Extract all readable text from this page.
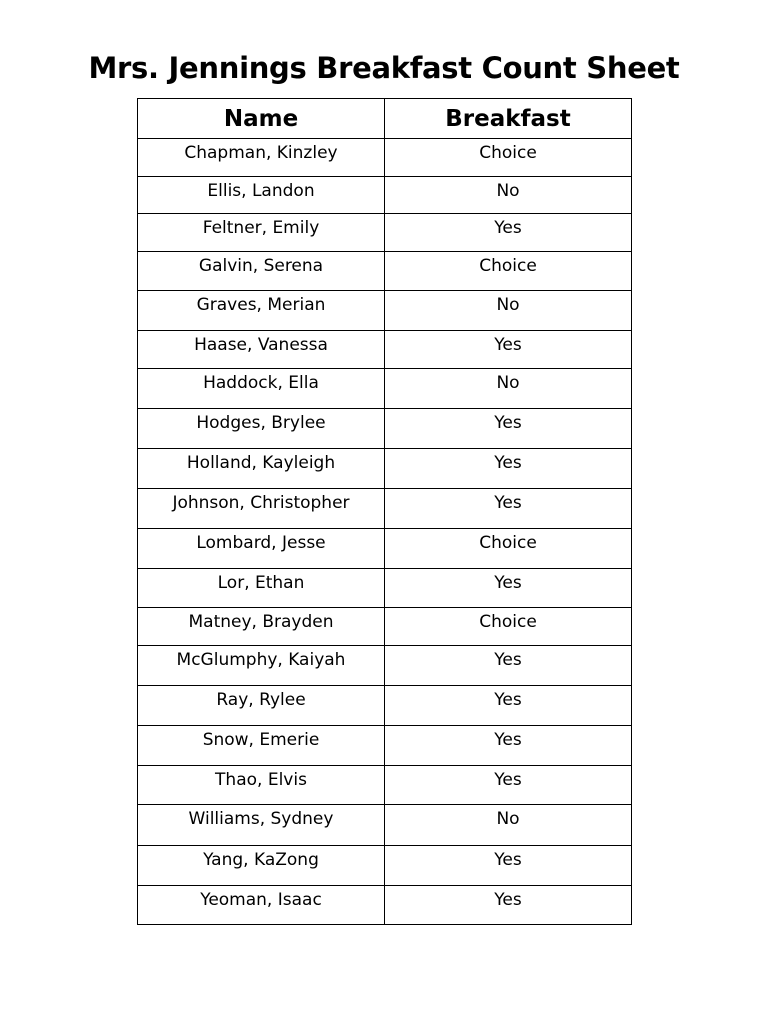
Mrs. Jennings Breakfast Count Sheet
Name	Breakfast
Chapman, Kinzley	Choice
Ellis, Landon	No
Feltner, Emily	Yes
Galvin, Serena	Choice
Graves, Merian	No
Haase, Vanessa	Yes
Haddock, Ella	No
Hodges, Brylee	Yes
Holland, Kayleigh	Yes
Johnson, Christopher	Yes
Lombard, Jesse	Choice
Lor, Ethan	Yes
Matney, Brayden	Choice
McGlumphy, Kaiyah	Yes
Ray, Rylee	Yes
Snow, Emerie	Yes
Thao, Elvis	Yes
Williams, Sydney	No
Yang, KaZong	Yes
Yeoman, Isaac	Yes
